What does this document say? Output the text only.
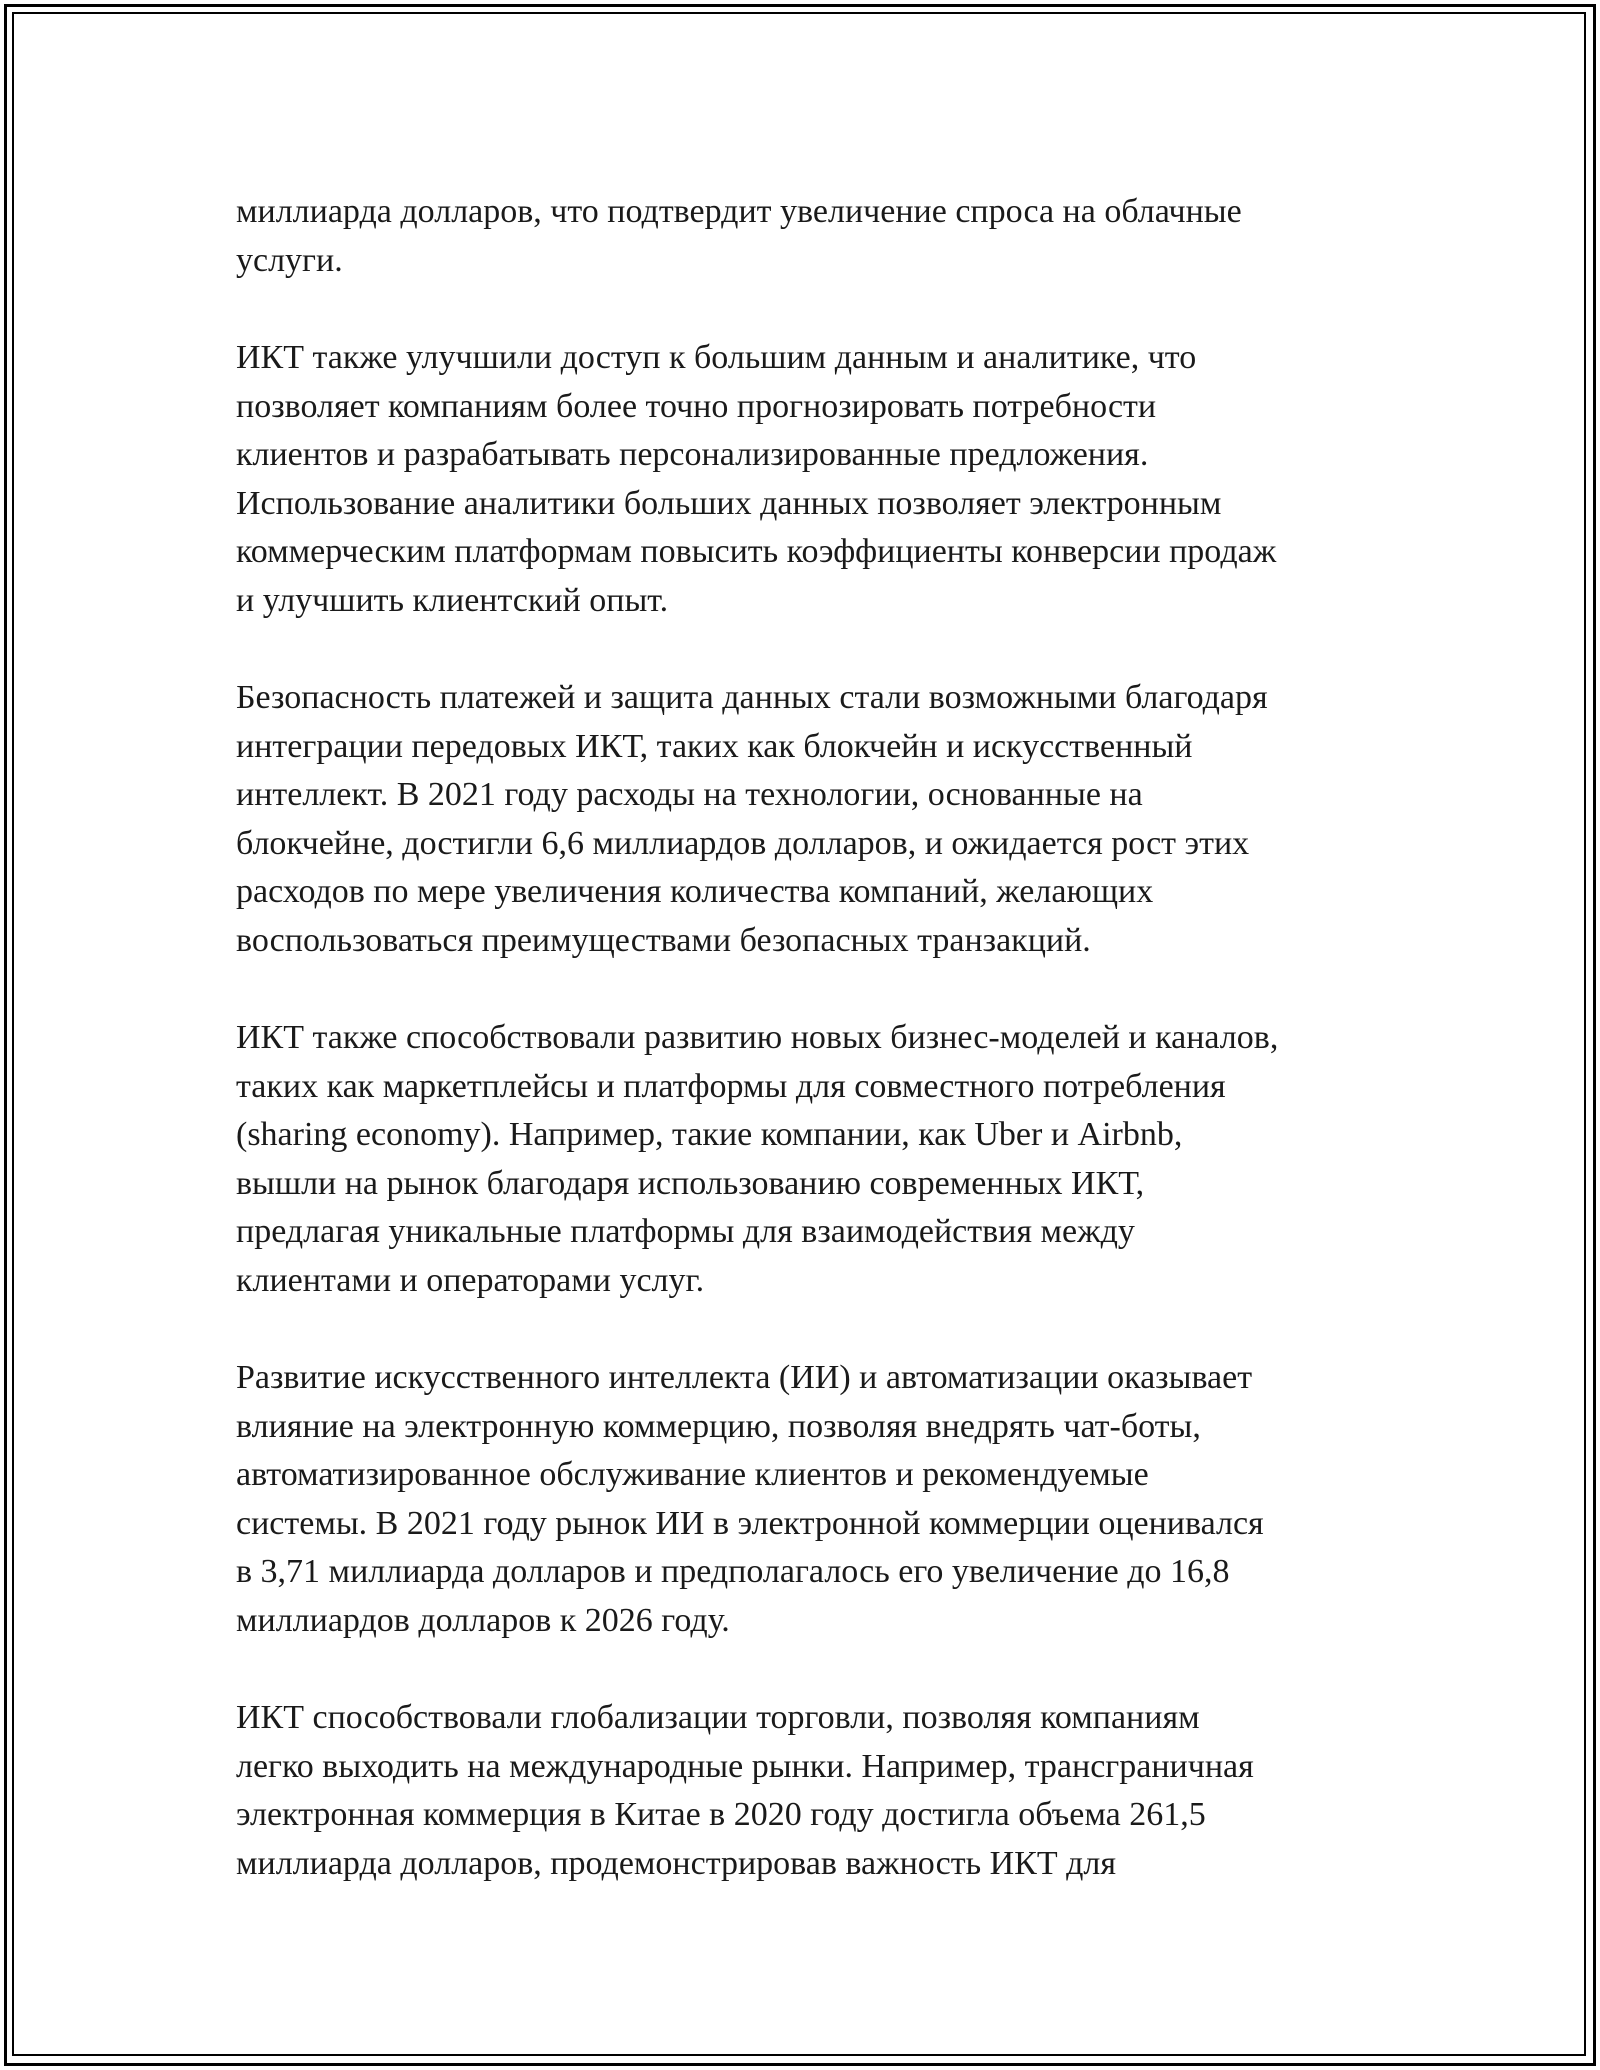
миллиарда долларов, что подтвердит увеличение спроса на облачные
услуги.

ИКТ также улучшили доступ к большим данным и аналитике, что
позволяет компаниям более точно прогнозировать потребности
клиентов и разрабатывать персонализированные предложения.
Использование аналитики больших данных позволяет электронным
коммерческим платформам повысить коэффициенты конверсии продаж
и улучшить клиентский опыт.

Безопасность платежей и защита данных стали возможными благодаря
интеграции передовых ИКТ, таких как блокчейн и искусственный
интеллект. В 2021 году расходы на технологии, основанные на
блокчейне, достигли 6,6 миллиардов долларов, и ожидается рост этих
расходов по мере увеличения количества компаний, желающих
воспользоваться преимуществами безопасных транзакций.

ИКТ также способствовали развитию новых бизнес-моделей и каналов,
таких как маркетплейсы и платформы для совместного потребления
(sharing economy). Например, такие компании, как Uber и Airbnb,
вышли на рынок благодаря использованию современных ИКТ,
предлагая уникальные платформы для взаимодействия между
клиентами и операторами услуг.

Развитие искусственного интеллекта (ИИ) и автоматизации оказывает
влияние на электронную коммерцию, позволяя внедрять чат-боты,
автоматизированное обслуживание клиентов и рекомендуемые
системы. В 2021 году рынок ИИ в электронной коммерции оценивался
в 3,71 миллиарда долларов и предполагалось его увеличение до 16,8
миллиардов долларов к 2026 году.

ИКТ способствовали глобализации торговли, позволяя компаниям
легко выходить на международные рынки. Например, трансграничная
электронная коммерция в Китае в 2020 году достигла объема 261,5
миллиарда долларов, продемонстрировав важность ИКТ для
